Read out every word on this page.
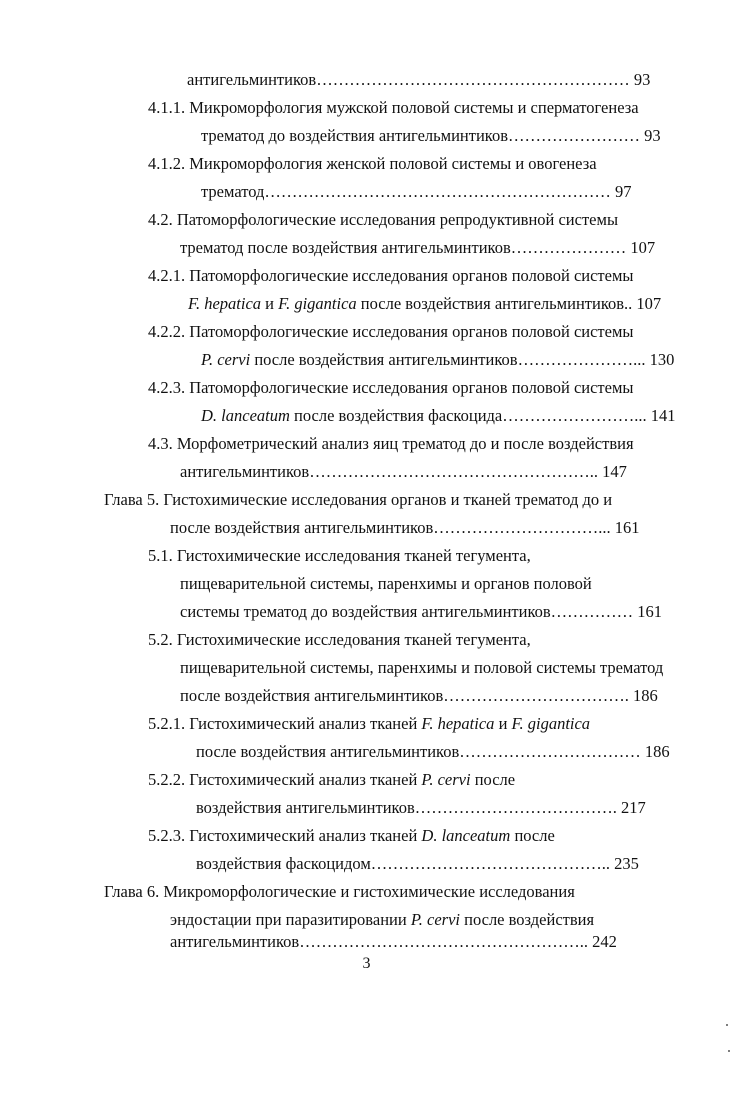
антигельминтиков………………………………………………… 93
4.1.1. Микроморфология мужской половой системы и сперматогенеза
трематод до воздействия антигельминтиков…………………… 93
4.1.2. Микроморфология женской половой системы и овогенеза
трематод……………………………………………………… 97
4.2. Патоморфологические исследования репродуктивной системы
трематод после воздействия антигельминтиков………………… 107
4.2.1. Патоморфологические исследования органов половой системы
F. hepatica и F. gigantica после воздействия антигельминтиков.. 107
4.2.2. Патоморфологические исследования органов половой системы
P. cervi после воздействия антигельминтиков…………………... 130
4.2.3. Патоморфологические исследования органов половой системы
D. lanceatum после воздействия фаскоцида……………………... 141
4.3. Морфометрический анализ яиц трематод до и после воздействия
антигельминтиков…………………………………………….. 147
Глава 5. Гистохимические исследования органов и тканей трематод до и
после воздействия антигельминтиков…………………………... 161
5.1. Гистохимические исследования тканей тегумента,
пищеварительной системы, паренхимы и органов половой
системы трематод до воздействия антигельминтиков…………… 161
5.2. Гистохимические исследования тканей тегумента,
пищеварительной системы, паренхимы и половой системы трематод
после воздействия антигельминтиков……………………………. 186
5.2.1. Гистохимический анализ тканей F. hepatica и F. gigantica
после воздействия антигельминтиков…………………………… 186
5.2.2. Гистохимический анализ тканей P. cervi после
воздействия антигельминтиков………………………………. 217
5.2.3. Гистохимический анализ тканей D. lanceatum после
воздействия фаскоцидом…………………………………….. 235
Глава 6. Микроморфологические и гистохимические исследования
эндостации при паразитировании P. cervi после воздействия
антигельминтиков…………………………………………….. 242
3
